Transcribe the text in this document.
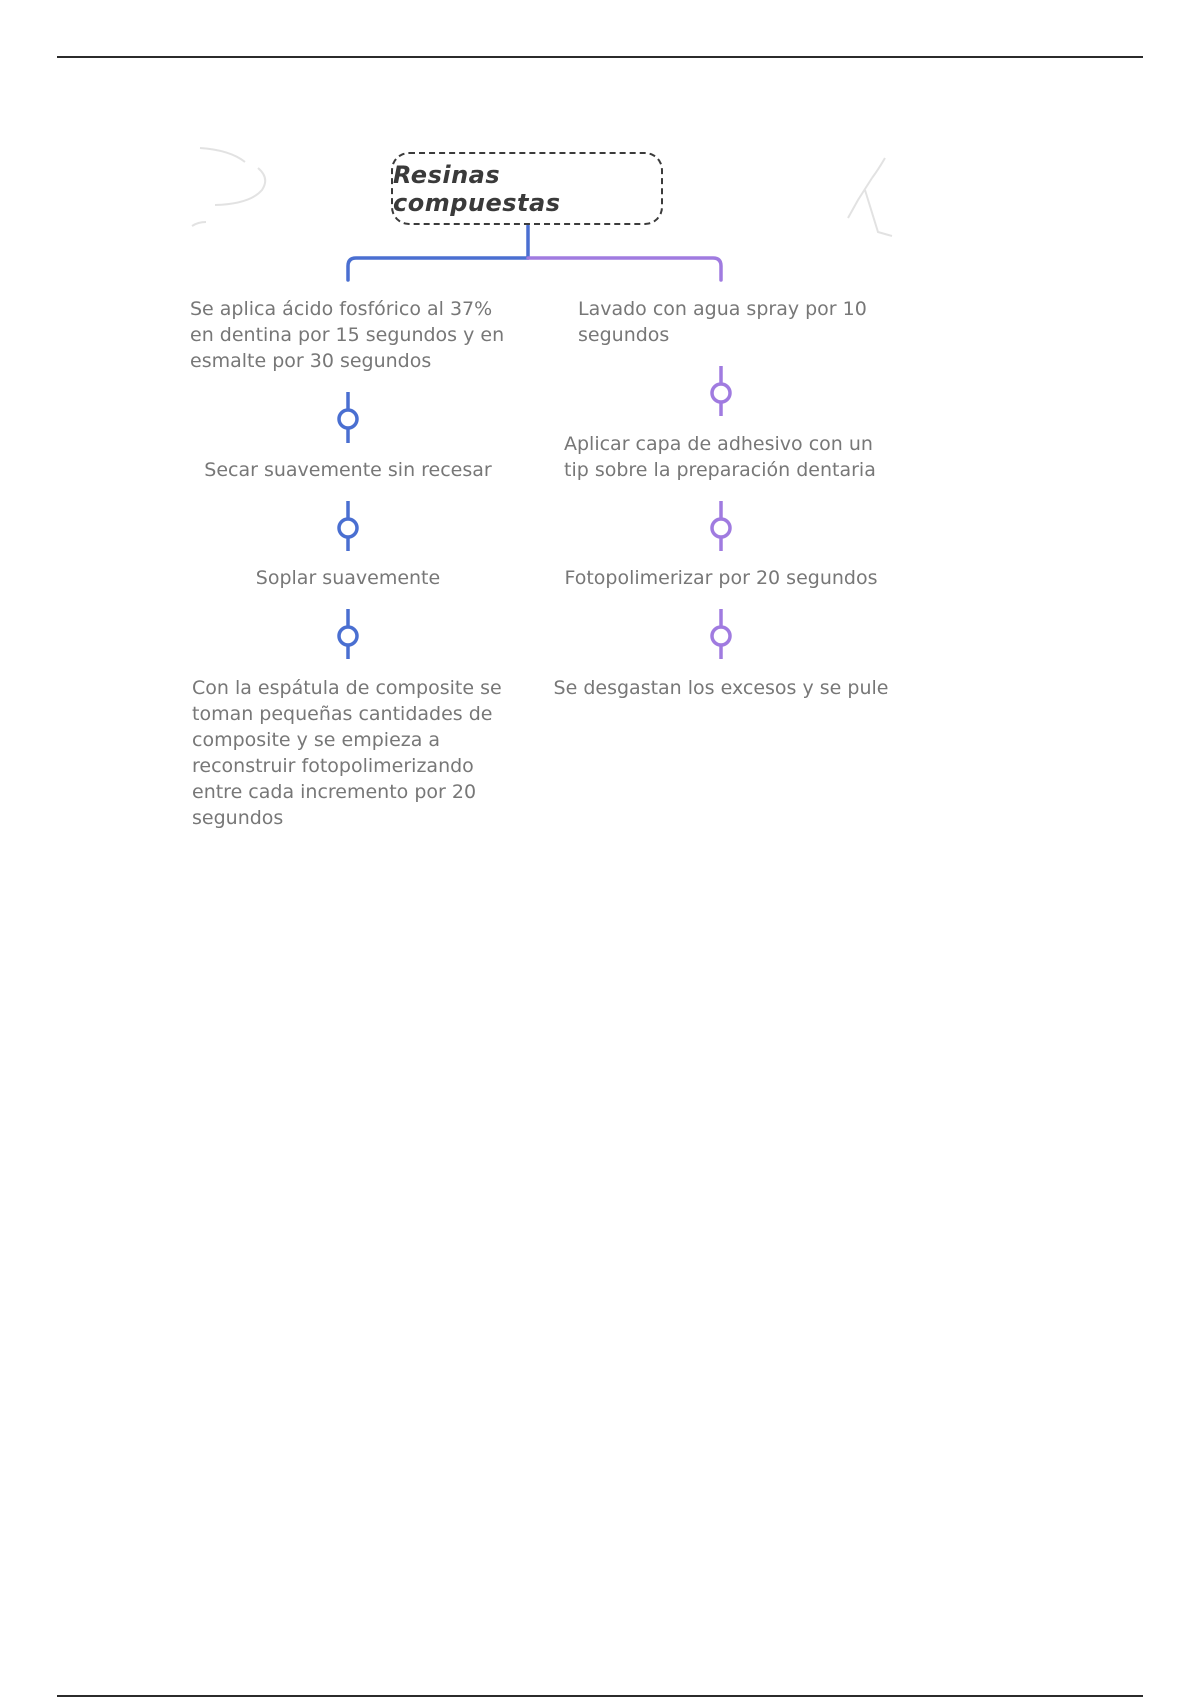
Resinas compuestas
Se aplica ácido fosfórico al 37% en dentina por 15 segundos y en esmalte por 30 segundos
Secar suavemente sin recesar
Soplar suavemente
Con la espátula de composite se toman pequeñas cantidades de composite y se empieza a reconstruir fotopolimerizando entre cada incremento por 20 segundos
Lavado con agua spray por 10 segundos
Aplicar capa de adhesivo con un tip sobre la preparación dentaria
Fotopolimerizar por 20 segundos
Se desgastan los excesos y se pule
